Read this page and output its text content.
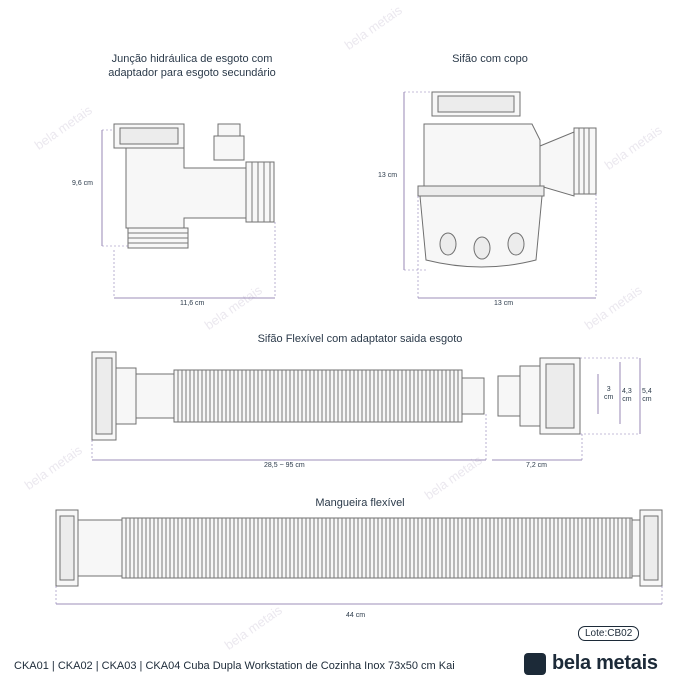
bela metais
bela metais	bela metais
bela metais	bela metais
bela metais	bela metais
bela metais
Junção hidráulica de esgoto com
adaptador para esgoto secundário
Sifão com copo
Sifão Flexível com adaptator saida esgoto
Mangueira flexível
9,6 cm
11,6 cm
13 cm
13 cm
28,5 ~ 95 cm	7,2 cm
3
cm
4,3
cm
5,4
cm
44 cm
Lote:CB02
CKA01 | CKA02 | CKA03 | CKA04 Cuba Dupla Workstation de Cozinha Inox 73x50 cm Kai	bela metais
